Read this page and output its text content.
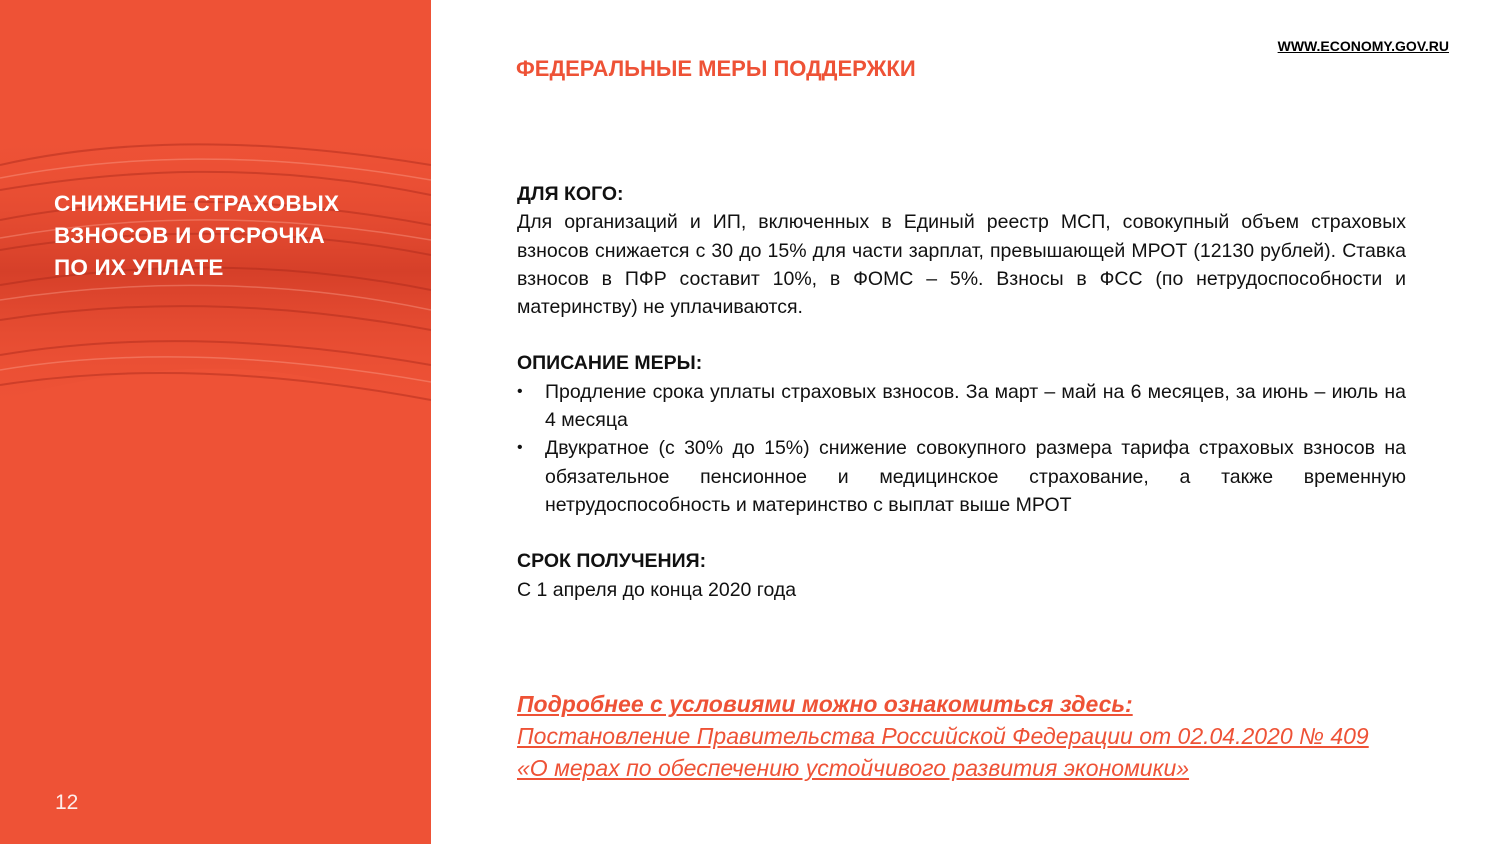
СНИЖЕНИЕ СТРАХОВЫХ
ВЗНОСОВ И ОТСРОЧКА
ПО ИХ УПЛАТЕ
12
WWW.ECONOMY.GOV.RU
ФЕДЕРАЛЬНЫЕ МЕРЫ ПОДДЕРЖКИ

ДЛЯ КОГО:

Для организаций и ИП, включенных в Единый реестр МСП, совокупный объем страховых взносов снижается с 30 до 15% для части зарплат, превышающей МРОТ (12130 рублей). Ставка взносов в ПФР составит 10%, в ФОМС – 5%. Взносы в ФСС (по нетрудоспособности и материнству) не уплачиваются.

ОПИСАНИЕ МЕРЫ:

• Продление срока уплаты страховых взносов. За март – май на 6 месяцев, за июнь – июль на 4 месяца
• Двукратное (с 30% до 15%) снижение совокупного размера тарифа страховых взносов на обязательное пенсионное и медицинское страхование, а также временную нетрудоспособность и материнство с выплат выше МРОТ

СРОК ПОЛУЧЕНИЯ:

С 1 апреля до конца 2020 года

Подробнее с условиями можно ознакомиться здесь:
Постановление Правительства Российской Федерации от 02.04.2020 № 409
«О мерах по обеспечению устойчивого развития экономики»
